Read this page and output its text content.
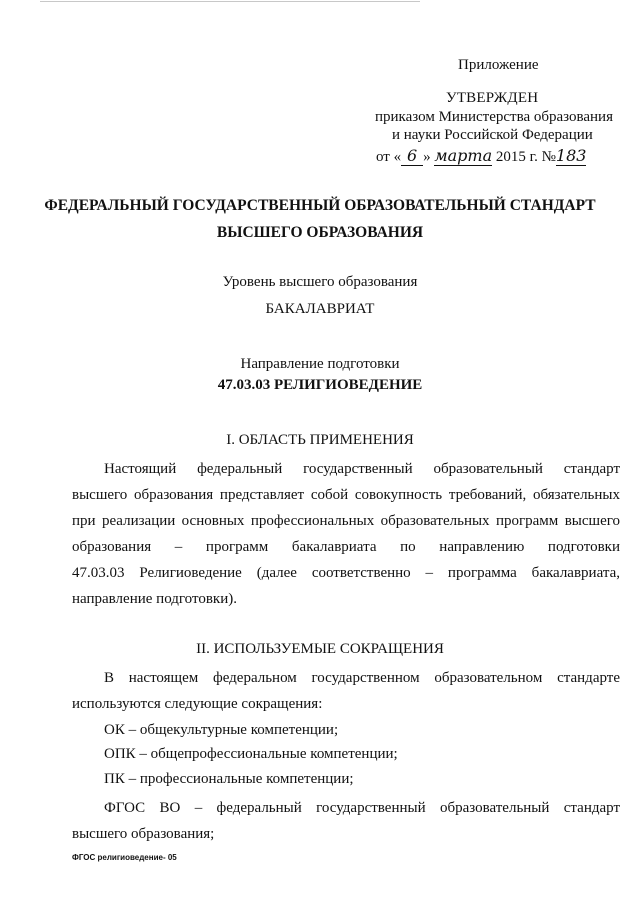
Приложение
УТВЕРЖДЕН
приказом Министерства образования
и науки Российской Федерации
от « 6 » марта 2015 г. №183
ФЕДЕРАЛЬНЫЙ ГОСУДАРСТВЕННЫЙ ОБРАЗОВАТЕЛЬНЫЙ СТАНДАРТ
ВЫСШЕГО ОБРАЗОВАНИЯ
Уровень высшего образования
БАКАЛАВРИАТ
Направление подготовки
47.03.03 РЕЛИГИОВЕДЕНИЕ
I. ОБЛАСТЬ ПРИМЕНЕНИЯ
Настоящий федеральный государственный образовательный стандарт
высшего образования представляет собой совокупность требований, обязательных
при реализации основных профессиональных образовательных программ высшего
образования – программ бакалавриата по направлению подготовки
47.03.03 Религиоведение (далее соответственно – программа бакалавриата,
направление подготовки).
II. ИСПОЛЬЗУЕМЫЕ СОКРАЩЕНИЯ
В настоящем федеральном государственном образовательном стандарте
используются следующие сокращения:
ОК – общекультурные компетенции;
ОПК – общепрофессиональные компетенции;
ПК – профессиональные компетенции;
ФГОС ВО – федеральный государственный образовательный стандарт
высшего образования;
ФГОС религиоведение- 05
